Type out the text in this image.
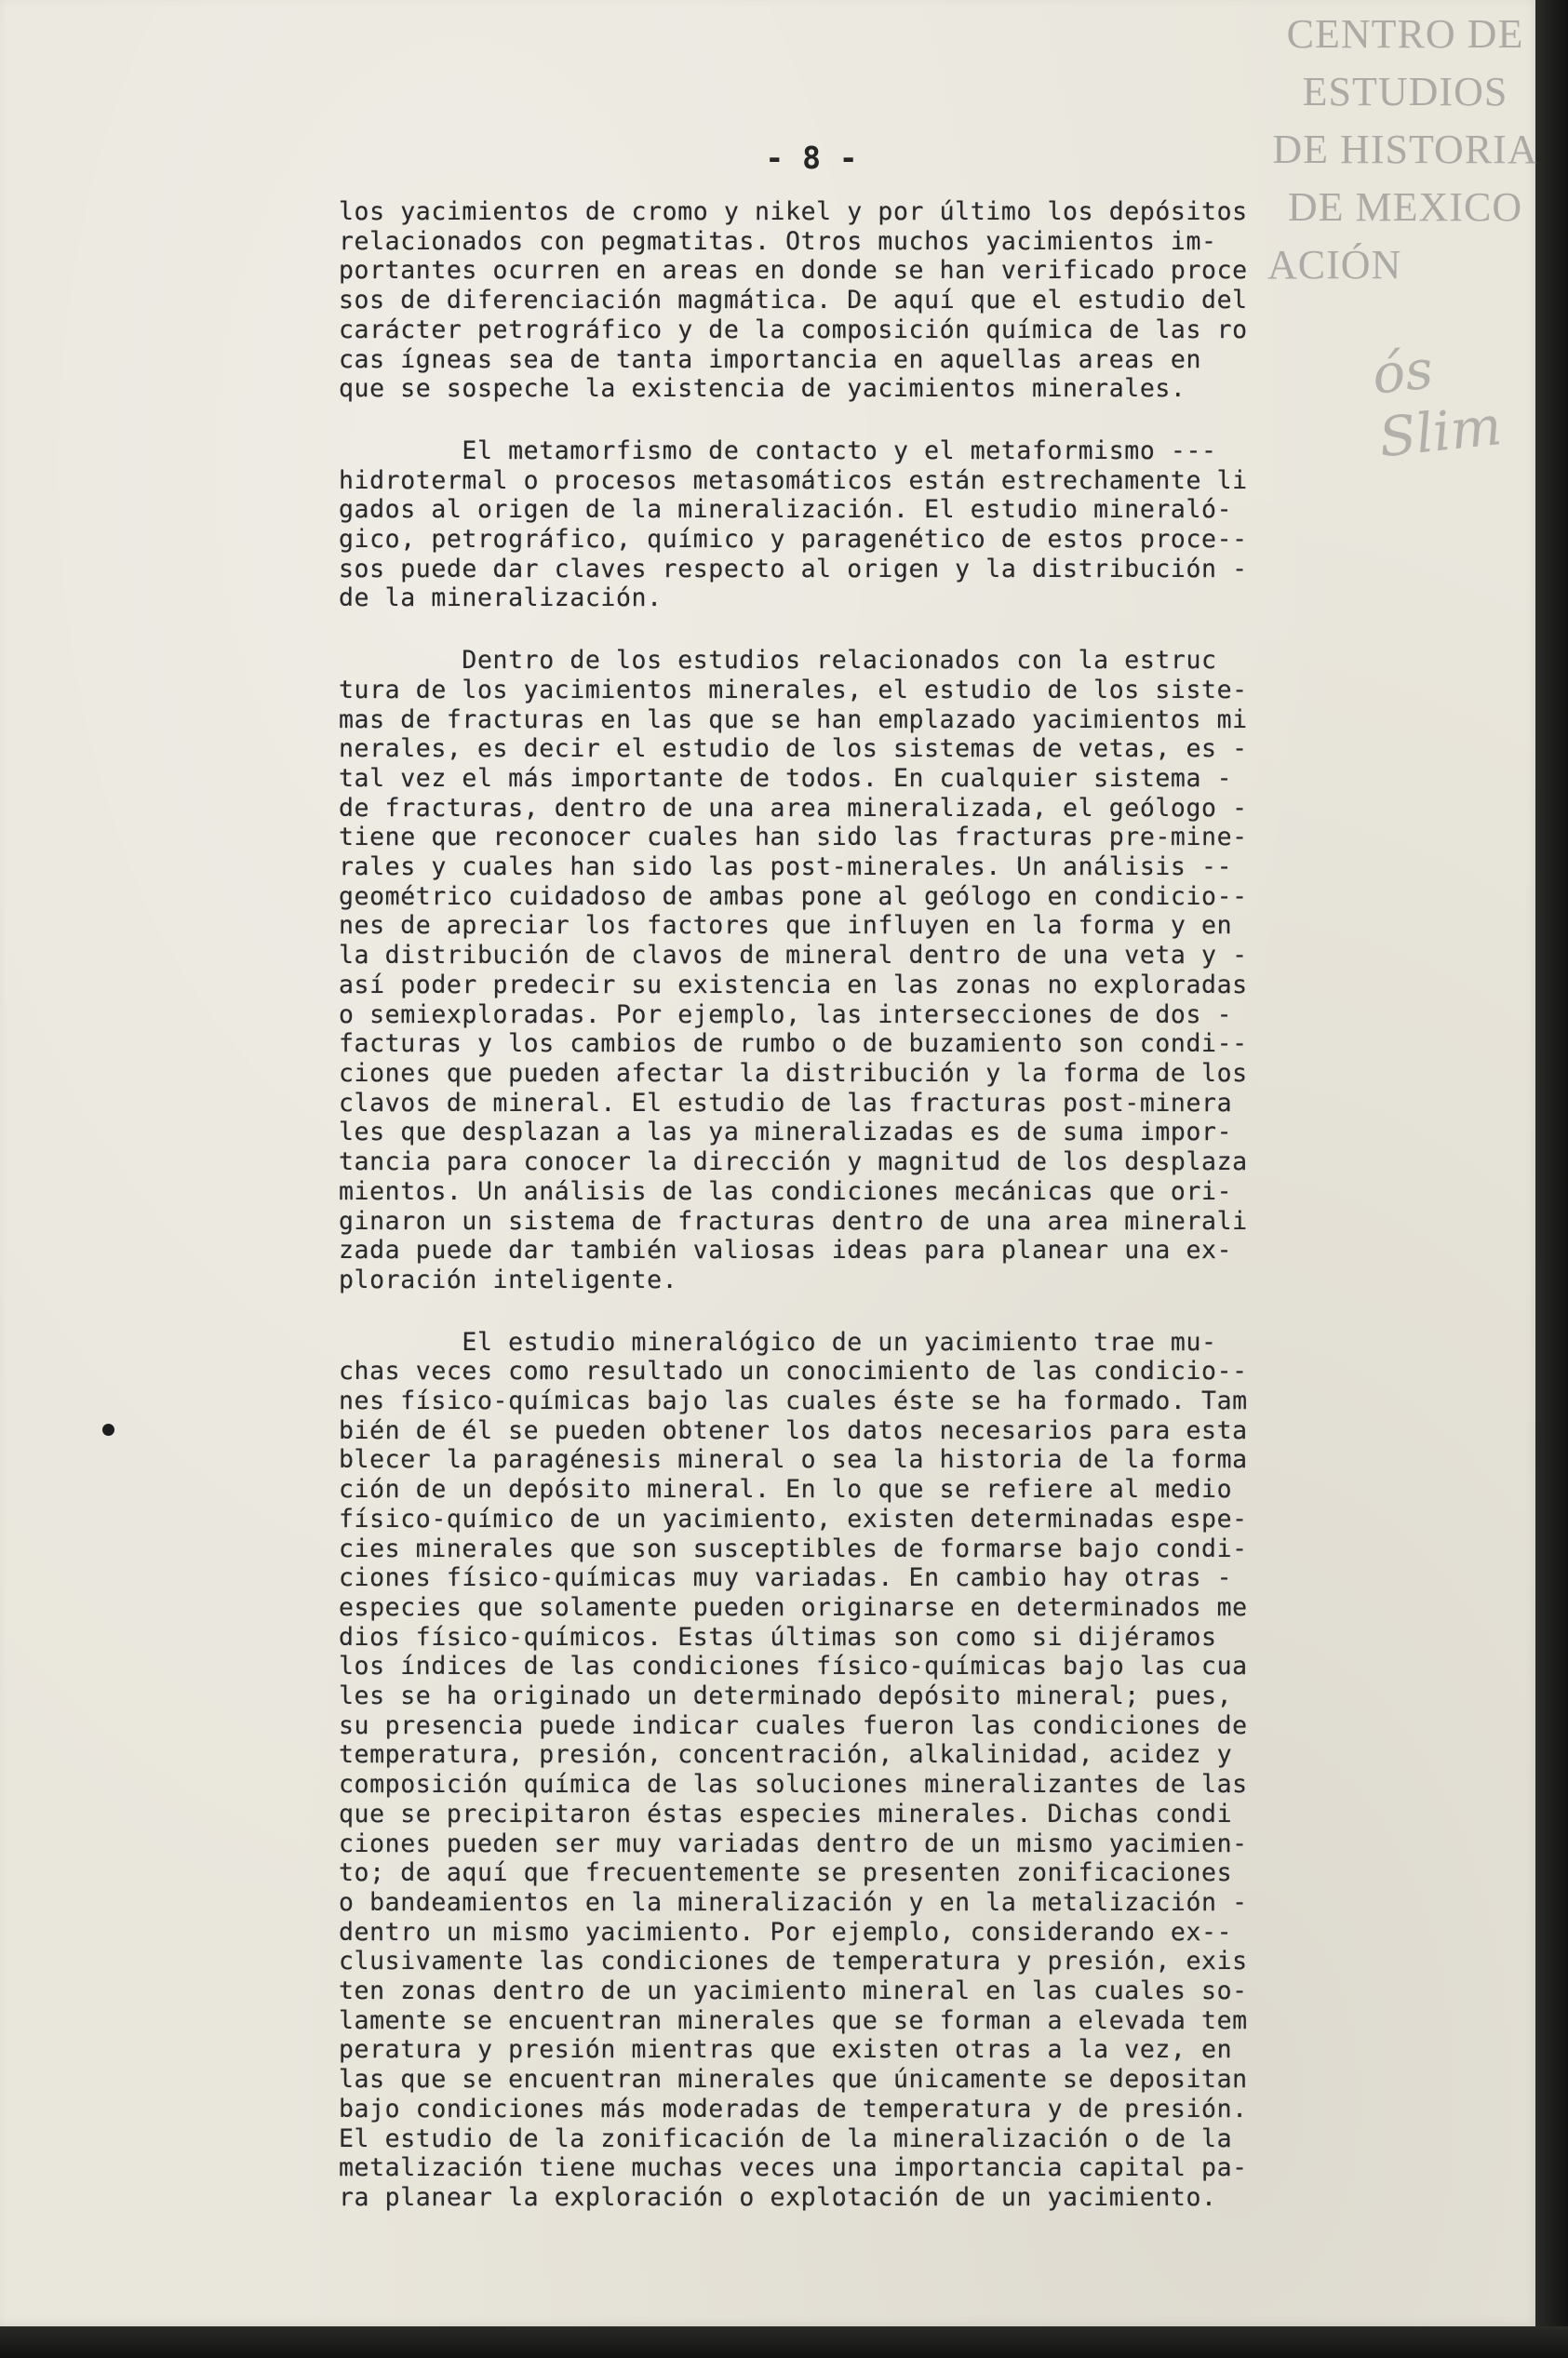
CENTRO DE
ESTUDIOS
DE HISTORIA
DE MEXICO
ACIÓN
ós Slim
- 8 -
los yacimientos de cromo y nikel y por último los depósitos
relacionados con pegmatitas. Otros muchos yacimientos im-
portantes ocurren en areas en donde se han verificado proce
sos de diferenciación magmática. De aquí que el estudio del
carácter petrográfico y de la composición química de las ro
cas ígneas sea de tanta importancia en aquellas areas en
que se sospeche la existencia de yacimientos minerales.
El metamorfismo de contacto y el metaformismo ---
hidrotermal o procesos metasomáticos están estrechamente li
gados al origen de la mineralización. El estudio mineraló-
gico, petrográfico, químico y paragenético de estos proce--
sos puede dar claves respecto al origen y la distribución -
de la mineralización.
Dentro de los estudios relacionados con la estruc
tura de los yacimientos minerales, el estudio de los siste-
mas de fracturas en las que se han emplazado yacimientos mi
nerales, es decir el estudio de los sistemas de vetas, es -
tal vez el más importante de todos. En cualquier sistema -
de fracturas, dentro de una area mineralizada, el geólogo -
tiene que reconocer cuales han sido las fracturas pre-mine-
rales y cuales han sido las post-minerales. Un análisis --
geométrico cuidadoso de ambas pone al geólogo en condicio--
nes de apreciar los factores que influyen en la forma y en
la distribución de clavos de mineral dentro de una veta y -
así poder predecir su existencia en las zonas no exploradas
o semiexploradas. Por ejemplo, las intersecciones de dos -
facturas y los cambios de rumbo o de buzamiento son condi--
ciones que pueden afectar la distribución y la forma de los
clavos de mineral. El estudio de las fracturas post-minera
les que desplazan a las ya mineralizadas es de suma impor-
tancia para conocer la dirección y magnitud de los desplaza
mientos. Un análisis de las condiciones mecánicas que ori-
ginaron un sistema de fracturas dentro de una area minerali
zada puede dar también valiosas ideas para planear una ex-
ploración inteligente.
El estudio mineralógico de un yacimiento trae mu-
chas veces como resultado un conocimiento de las condicio--
nes físico-químicas bajo las cuales éste se ha formado. Tam
bién de él se pueden obtener los datos necesarios para esta
blecer la paragénesis mineral o sea la historia de la forma
ción de un depósito mineral. En lo que se refiere al medio
físico-químico de un yacimiento, existen determinadas espe-
cies minerales que son susceptibles de formarse bajo condi-
ciones físico-químicas muy variadas. En cambio hay otras -
especies que solamente pueden originarse en determinados me
dios físico-químicos. Estas últimas son como si dijéramos
los índices de las condiciones físico-químicas bajo las cua
les se ha originado un determinado depósito mineral; pues,
su presencia puede indicar cuales fueron las condiciones de
temperatura, presión, concentración, alkalinidad, acidez y
composición química de las soluciones mineralizantes de las
que se precipitaron éstas especies minerales. Dichas condi
ciones pueden ser muy variadas dentro de un mismo yacimien-
to; de aquí que frecuentemente se presenten zonificaciones
o bandeamientos en la mineralización y en la metalización -
dentro un mismo yacimiento. Por ejemplo, considerando ex--
clusivamente las condiciones de temperatura y presión, exis
ten zonas dentro de un yacimiento mineral en las cuales so-
lamente se encuentran minerales que se forman a elevada tem
peratura y presión mientras que existen otras a la vez, en
las que se encuentran minerales que únicamente se depositan
bajo condiciones más moderadas de temperatura y de presión.
El estudio de la zonificación de la mineralización o de la
metalización tiene muchas veces una importancia capital pa-
ra planear la exploración o explotación de un yacimiento.
